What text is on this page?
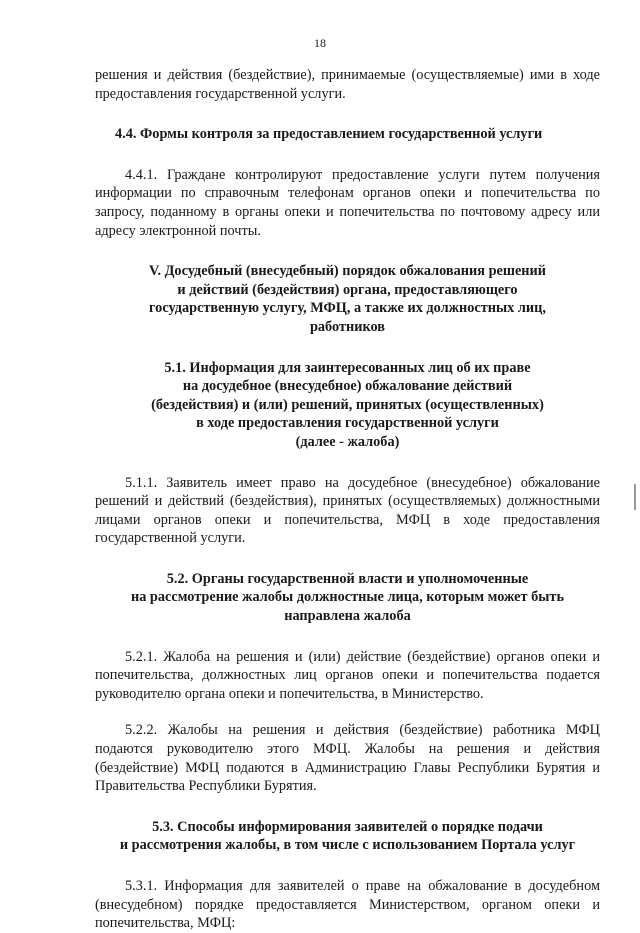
18

решения и действия (бездействие), принимаемые (осуществляемые) ими в ходе предоставления государственной услуги.

4.4. Формы контроля за предоставлением государственной услуги

4.4.1. Граждане контролируют предоставление услуги путем получения информации по справочным телефонам органов опеки и попечительства по запросу, поданному в органы опеки и попечительства по почтовому адресу или адресу электронной почты.

V. Досудебный (внесудебный) порядок обжалования решений

и действий (бездействия) органа, предоставляющего

государственную услугу, МФЦ, а также их должностных лиц,

работников

5.1. Информация для заинтересованных лиц об их праве

на досудебное (внесудебное) обжалование действий

(бездействия) и (или) решений, принятых (осуществленных)

в ходе предоставления государственной услуги

(далее - жалоба)

5.1.1. Заявитель имеет право на досудебное (внесудебное) обжалование решений и действий (бездействия), принятых (осуществляемых) должностными лицами органов опеки и попечительства, МФЦ в ходе предоставления государственной услуги.

5.2. Органы государственной власти и уполномоченные

на рассмотрение жалобы должностные лица, которым может быть

направлена жалоба

5.2.1. Жалоба на решения и (или) действие (бездействие) органов опеки и попечительства, должностных лиц органов опеки и попечительства подается руководителю органа опеки и попечительства, в Министерство.

5.2.2. Жалобы на решения и действия (бездействие) работника МФЦ подаются руководителю этого МФЦ. Жалобы на решения и действия (бездействие) МФЦ подаются в Администрацию Главы Республики Бурятия и Правительства Республики Бурятия.

5.3. Способы информирования заявителей о порядке подачи

и рассмотрения жалобы, в том числе с использованием Портала услуг

5.3.1. Информация для заявителей о праве на обжалование в досудебном (внесудебном) порядке предоставляется Министерством, органом опеки и попечительства, МФЦ:
